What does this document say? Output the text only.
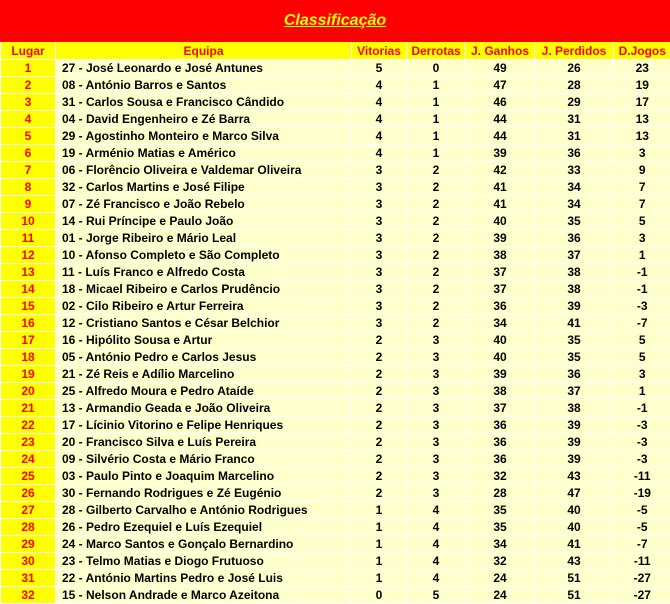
Classificação
Lugar	Equipa	Vitorias	Derrotas	J. Ganhos	J. Perdidos	D.Jogos
1	27 - José Leonardo e José Antunes	5	0	49	26	23
2	08 - António Barros e Santos	4	1	47	28	19
3	31 - Carlos Sousa e Francisco Cândido	4	1	46	29	17
4	04 - David Engenheiro e Zé Barra	4	1	44	31	13
5	29 - Agostinho Monteiro e Marco Silva	4	1	44	31	13
6	19 - Arménio Matias e Américo	4	1	39	36	3
7	06 - Florêncio Oliveira e Valdemar Oliveira	3	2	42	33	9
8	32 - Carlos Martins e José Filipe	3	2	41	34	7
9	07 - Zé Francisco e João Rebelo	3	2	41	34	7
10	14 - Rui Príncipe e Paulo João	3	2	40	35	5
11	01 - Jorge Ribeiro e Mário Leal	3	2	39	36	3
12	10 - Afonso Completo e São Completo	3	2	38	37	1
13	11 - Luís Franco e Alfredo Costa	3	2	37	38	-1
14	18 - Micael Ribeiro e Carlos Prudêncio	3	2	37	38	-1
15	02 - Cilo Ribeiro e Artur Ferreira	3	2	36	39	-3
16	12 - Cristiano Santos e César Belchior	3	2	34	41	-7
17	16 - Hipólito Sousa e Artur	2	3	40	35	5
18	05 - António Pedro e Carlos Jesus	2	3	40	35	5
19	21 - Zé Reis e Adílio Marcelino	2	3	39	36	3
20	25 - Alfredo Moura e Pedro Ataíde	2	3	38	37	1
21	13 - Armandio Geada e João Oliveira	2	3	37	38	-1
22	17 - Lícinio Vitorino e Felipe Henriques	2	3	36	39	-3
23	20 - Francisco Silva e Luís Pereira	2	3	36	39	-3
24	09 - Silvério Costa e Mário Franco	2	3	36	39	-3
25	03 - Paulo Pinto e Joaquim Marcelino	2	3	32	43	-11
26	30 - Fernando Rodrigues e Zé Eugénio	2	3	28	47	-19
27	28 - Gilberto Carvalho e António Rodrigues	1	4	35	40	-5
28	26 - Pedro Ezequiel e Luís Ezequiel	1	4	35	40	-5
29	24 - Marco Santos e Gonçalo Bernardino	1	4	34	41	-7
30	23 - Telmo Matias e Diogo Frutuoso	1	4	32	43	-11
31	22 - António Martins Pedro e José Luis	1	4	24	51	-27
32	15 - Nelson Andrade e Marco Azeitona	0	5	24	51	-27
